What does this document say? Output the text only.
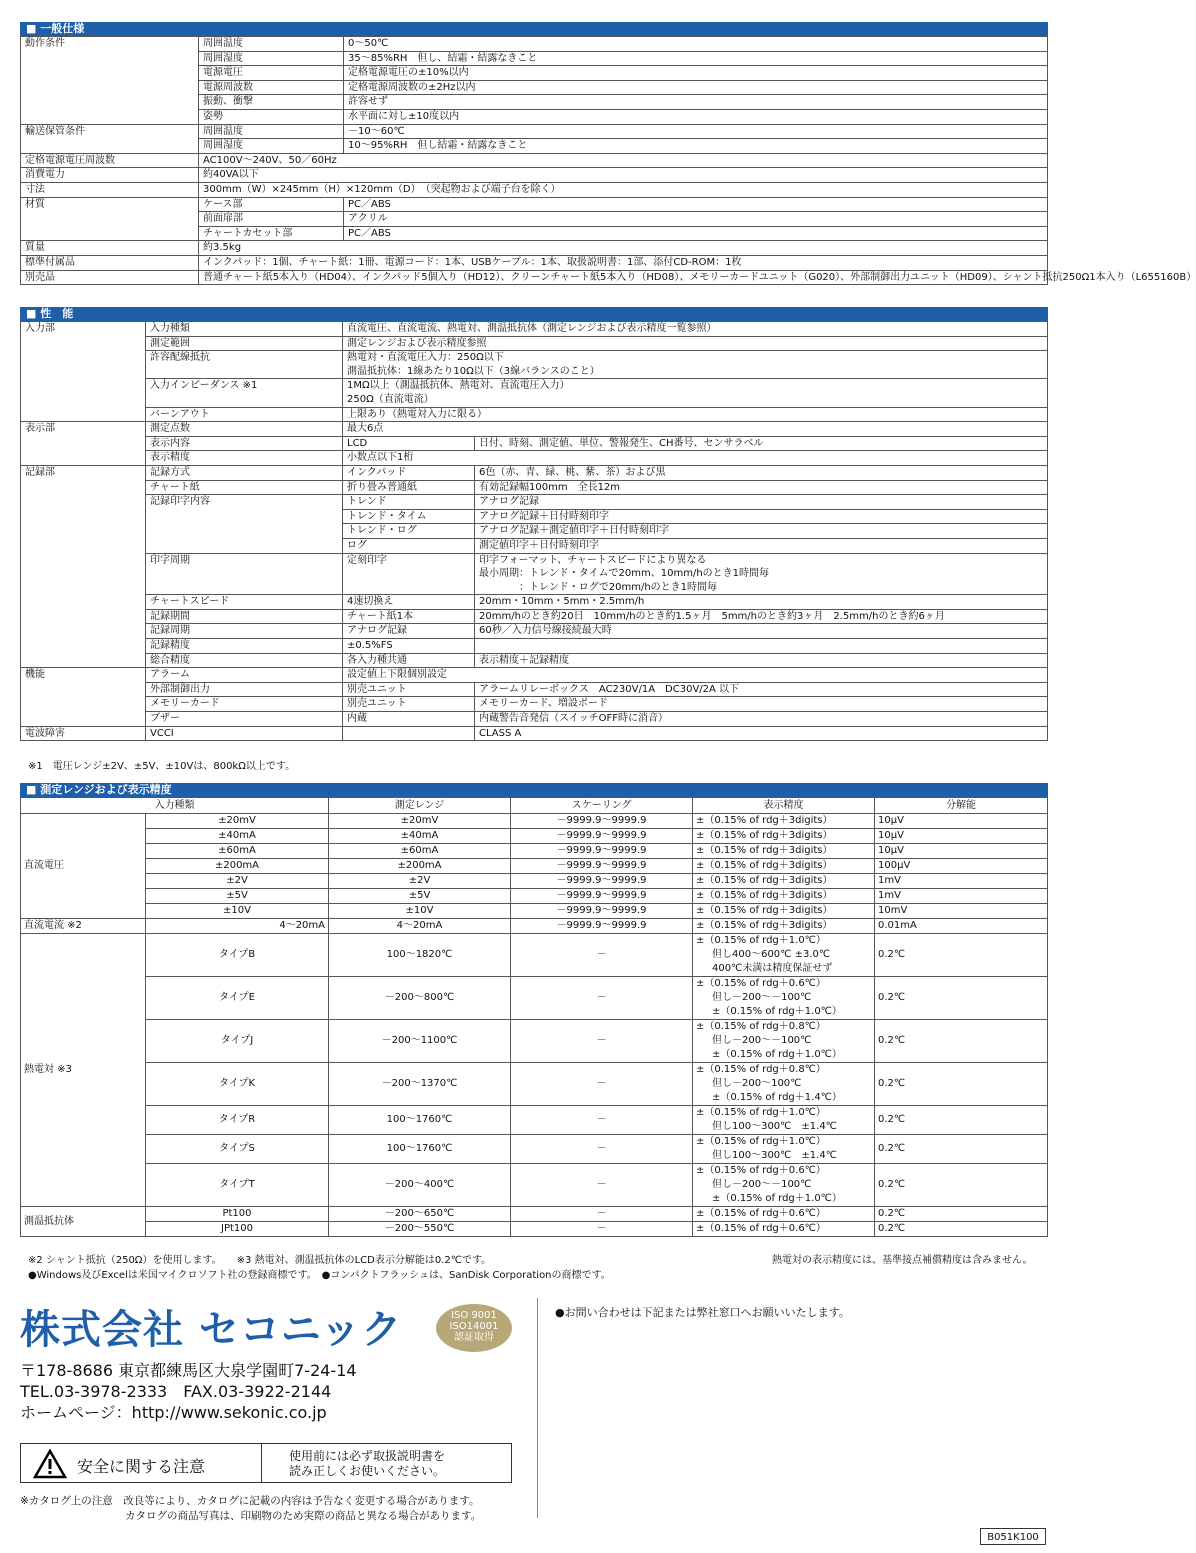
■ 一般仕様
動作条件	周囲温度	0～50℃
	周囲湿度	35～85%RH　但し、結霜・結露なきこと
	電源電圧	定格電源電圧の±10%以内
	電源周波数	定格電源周波数の±2Hz以内
	振動、衝撃	許容せず
	姿勢	水平面に対し±10度以内
輸送保管条件	周囲温度	－10～60℃
	周囲湿度	10～95%RH　但し結霜・結露なきこと
定格電源電圧周波数	AC100V～240V、50／60Hz	
消費電力	約40VA以下	
寸法	300mm（W）×245mm（H）×120mm（D）　（突起物および端子台を除く）	
材質	ケース部	PC／ABS
	前面扉部	アクリル
	チャートカセット部	PC／ABS
質量	約3.5kg	
標準付属品	インクパッド：1個、チャート紙：1冊、電源コード：1本、USBケーブル：1本、取扱説明書：1部、添付CD-ROM：1枚	
別売品	普通チャート紙5本入り（HD04）、インクパッド5個入り（HD12）、クリーンチャート紙5本入り（HD08）、メモリーカードユニット（G020）、外部制御出力ユニット（HD09）、シャント抵抗250Ω1本入り（L655160B）	
■ 性　能
入力部	入力種類	直流電圧、直流電流、熱電対、測温抵抗体（測定レンジおよび表示精度一覧参照）	
	測定範囲	測定レンジおよび表示精度参照	
	許容配線抵抗	熱電対・直流電圧入力：250Ω以下	
		測温抵抗体：1線あたり10Ω以下（3線バランスのこと）	
	入力インピーダンス ※1	1MΩ以上（測温抵抗体、熱電対、直流電圧入力）	
		250Ω（直流電流）	
	バーンアウト	上限あり（熱電対入力に限る）	
表示部	測定点数	最大6点	
	表示内容	LCD	日付、時刻、測定値、単位、警報発生、CH番号、センサラベル
	表示精度	小数点以下1桁	
記録部	記録方式	インクパッド	6色（赤、青、緑、桃、紫、茶）および黒
	チャート紙	折り畳み普通紙	有効記録幅100mm　全長12m
	記録印字内容	トレンド	アナログ記録
		トレンド・タイム	アナログ記録＋日付時刻印字
		トレンド・ログ	アナログ記録＋測定値印字＋日付時刻印字
		ログ	測定値印字＋日付時刻印字
	印字周期	定刻印字	印字フォーマット、チャートスピードにより異なる
			最小周期：トレンド・タイムで20mm、10mm/hのとき1時間毎
			　　　　：トレンド・ログで20mm/hのとき1時間毎
	チャートスピード	4速切換え	20mm・10mm・5mm・2.5mm/h
	記録期間	チャート紙1本	20mm/hのとき約20日　10mm/hのとき約1.5ヶ月　5mm/hのとき約3ヶ月　2.5mm/hのとき約6ヶ月
	記録周期	アナログ記録	60秒／入力信号線接続最大時
	記録精度	±0.5%FS	
	総合精度	各入力種共通	表示精度＋記録精度
機能	アラーム	設定値上下限個別設定	
	外部制御出力	別売ユニット	アラームリレーボックス　AC230V/1A　DC30V/2A 以下
	メモリーカード	別売ユニット	メモリーカード、増設ボード
	ブザー	内蔵	内蔵警告音発信（スイッチOFF時に消音）
電波障害	VCCI		CLASS A
※1　電圧レンジ±2V、±5V、±10Vは、800kΩ以上です。
■ 測定レンジおよび表示精度
入力種類		測定レンジ	スケーリング	表示精度	分解能
直流電圧	±20mV	±20mV	－9999.9～9999.9	±（0.15% of rdg＋3digits）	10μV
	±40mA	±40mA	－9999.9～9999.9	±（0.15% of rdg＋3digits）	10μV
	±60mA	±60mA	－9999.9～9999.9	±（0.15% of rdg＋3digits）	10μV
	±200mA	±200mA	－9999.9～9999.9	±（0.15% of rdg＋3digits）	100μV
	±2V	±2V	－9999.9～9999.9	±（0.15% of rdg＋3digits）	1mV
	±5V	±5V	－9999.9～9999.9	±（0.15% of rdg＋3digits）	1mV
	±10V	±10V	－9999.9～9999.9	±（0.15% of rdg＋3digits）	10mV
直流電流 ※2	4～20mA	4～20mA	－9999.9～9999.9	±（0.15% of rdg＋3digits）	0.01mA
熱電対 ※3	タイプB	100～1820℃	－	±（0.15% of rdg＋1.0℃）
但し400～600℃ ±3.0℃
400℃未満は精度保証せず	0.2℃
	タイプE	－200～800℃	－	±（0.15% of rdg＋0.6℃）
但し－200～－100℃
±（0.15% of rdg＋1.0℃）	0.2℃
	タイプJ	－200～1100℃	－	±（0.15% of rdg＋0.8℃）
但し－200～－100℃
±（0.15% of rdg＋1.0℃）	0.2℃
	タイプK	－200～1370℃	－	±（0.15% of rdg＋0.8℃）
但し－200～100℃
±（0.15% of rdg＋1.4℃）	0.2℃
	タイプR	100～1760℃	－	±（0.15% of rdg＋1.0℃）
但し100～300℃　±1.4℃	0.2℃
	タイプS	100～1760℃	－	±（0.15% of rdg＋1.0℃）
但し100～300℃　±1.4℃	0.2℃
	タイプT	－200～400℃	－	±（0.15% of rdg＋0.6℃）
但し－200～－100℃
±（0.15% of rdg＋1.0℃）	0.2℃
測温抵抗体	Pt100	－200～650℃	－	±（0.15% of rdg＋0.6℃）	0.2℃
	JPt100	－200～550℃	－	±（0.15% of rdg＋0.6℃）	0.2℃
※2 シャント抵抗（250Ω）を使用します。　　※3 熱電対、測温抵抗体のLCD表示分解能は0.2℃です。	熱電対の表示精度には、基準接点補償精度は含みません。
●Windows及びExcelは米国マイクロソフト社の登録商標です。　●コンパクトフラッシュは、SanDisk Corporationの商標です。
株式会社 セコニック	ISO 9001
ISO14001
認証取得
〒178-8686 東京都練馬区大泉学園町7-24-14
TEL.03-3978-2333　FAX.03-3922-2144
ホームページ：http://www.sekonic.co.jp
●お問い合わせは下記または弊社窓口へお願いいたします。
安全に関する注意
使用前には必ず取扱説明書を
読み正しくお使いください。
※カタログ上の注意　改良等により、カタログに記載の内容は予告なく変更する場合があります。
　　　　　　　　　　カタログの商品写真は、印刷物のため実際の商品と異なる場合があります。
B051K100
